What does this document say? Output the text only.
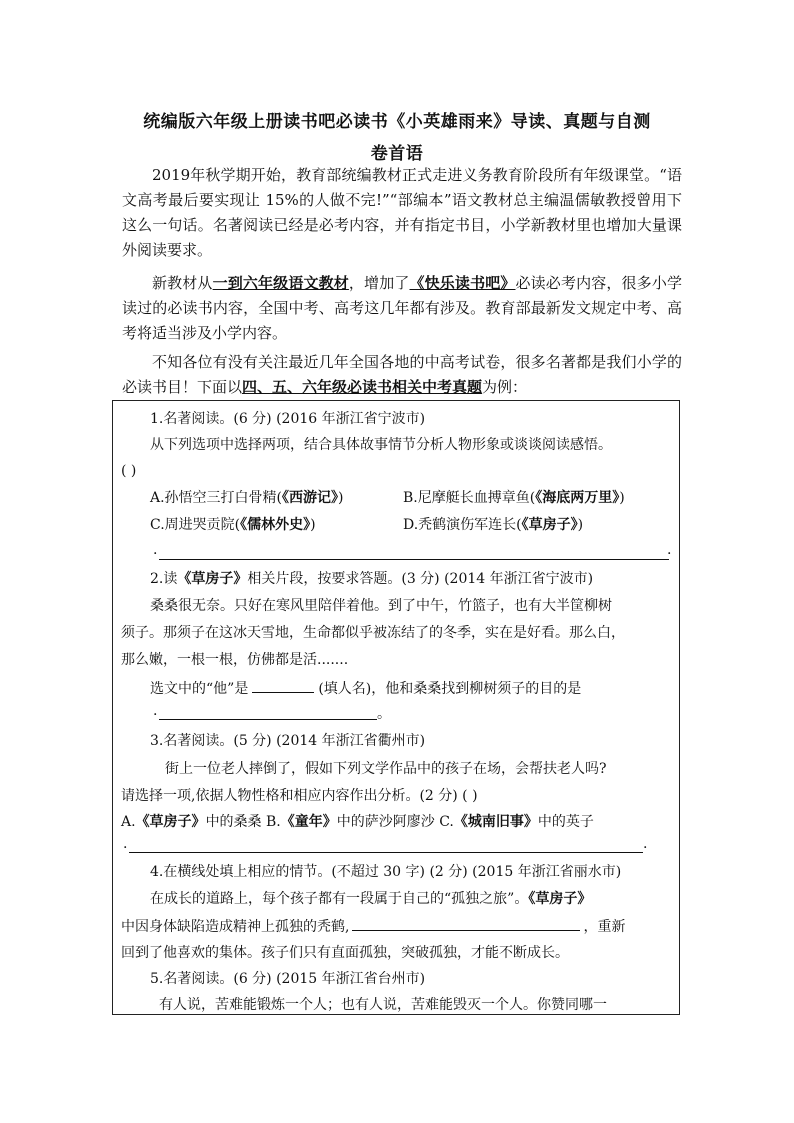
统编版六年级上册读书吧必读书《小英雄雨来》导读、真题与自测
卷首语
2019年秋学期开始，教育部统编教材正式走进义务教育阶段所有年级课堂。“语文高考最后要实现让 15%的人做不完!”“部编本”语文教材总主编温儒敏教授曾用下这么一句话。名著阅读已经是必考内容，并有指定书目，小学新教材里也增加大量课外阅读要求。
新教材从一到六年级语文教材，增加了《快乐读书吧》必读必考内容，很多小学读过的必读书内容，全国中考、高考这几年都有涉及。教育部最新发文规定中考、高考将适当涉及小学内容。
不知各位有没有关注最近几年全国各地的中高考试卷，很多名著都是我们小学的必读书目！下面以四、五、六年级必读书相关中考真题为例：
1.名著阅读。(6 分) (2016 年浙江省宁波市)
从下列选项中选择两项，结合具体故事情节分析人物形象或谈谈阅读感悟。
( )
A.孙悟空三打白骨精(《西游记》)	B.尼摩艇长血搏章鱼(《海底两万里》)
C.周进哭贡院(《儒林外史》)	D.秃鹤演伤军连长(《草房子》)
.	.
2.读《草房子》相关片段，按要求答题。(3 分) (2014 年浙江省宁波市)
桑桑很无奈。只好在寒风里陪伴着他。到了中午，竹篮子，也有大半筐柳树
须子。那须子在这冰天雪地，生命都似乎被冻结了的冬季，实在是好看。那么白，
那么嫩，一根一根，仿佛都是活.......
选文中的“他”是	(填人名)，他和桑桑找到柳树须子的目的是
.	。
3.名著阅读。(5 分) (2014 年浙江省衢州市)
街上一位老人摔倒了，假如下列文学作品中的孩子在场，会帮扶老人吗?
请选择一项,依据人物性格和相应内容作出分析。(2 分) ( )
A.《草房子》中的桑桑 B.《童年》中的萨沙阿廖沙 C.《城南旧事》中的英子
.	.
4.在横线处填上相应的情节。(不超过 30 字) (2 分) (2015 年浙江省丽水市)
在成长的道路上，每个孩子都有一段属于自己的“孤独之旅”。《草房子》
中因身体缺陷造成精神上孤独的秃鹤,	，重新
回到了他喜欢的集体。孩子们只有直面孤独，突破孤独，才能不断成长。
5.名著阅读。(6 分) (2015 年浙江省台州市)
有人说，苦难能锻炼一个人；也有人说，苦难能毁灭一个人。你赞同哪一
